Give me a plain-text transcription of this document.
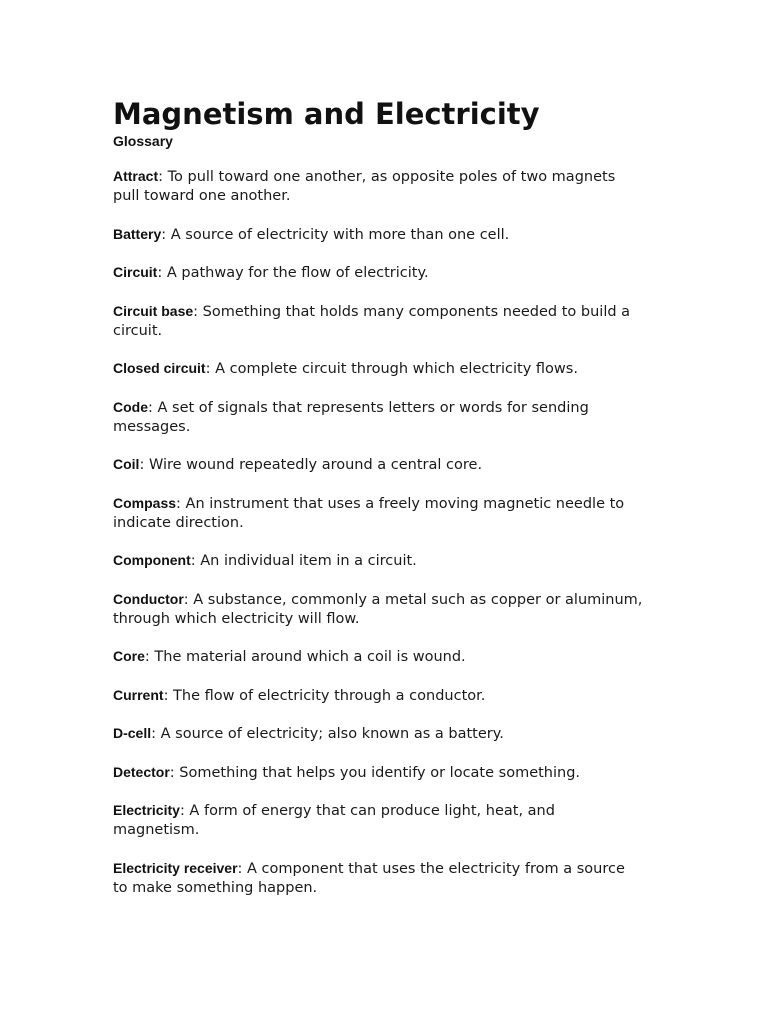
Magnetism and Electricity
Glossary
Attract: To pull toward one another, as opposite poles of two magnets pull toward one another.
Battery: A source of electricity with more than one cell.
Circuit: A pathway for the flow of electricity.
Circuit base: Something that holds many components needed to build a circuit.
Closed circuit: A complete circuit through which electricity flows.
Code: A set of signals that represents letters or words for sending messages.
Coil: Wire wound repeatedly around a central core.
Compass: An instrument that uses a freely moving magnetic needle to indicate direction.
Component: An individual item in a circuit.
Conductor: A substance, commonly a metal such as copper or aluminum, through which electricity will flow.
Core: The material around which a coil is wound.
Current: The flow of electricity through a conductor.
D-cell: A source of electricity; also known as a battery.
Detector: Something that helps you identify or locate something.
Electricity: A form of energy that can produce light, heat, and magnetism.
Electricity receiver: A component that uses the electricity from a source to make something happen.
